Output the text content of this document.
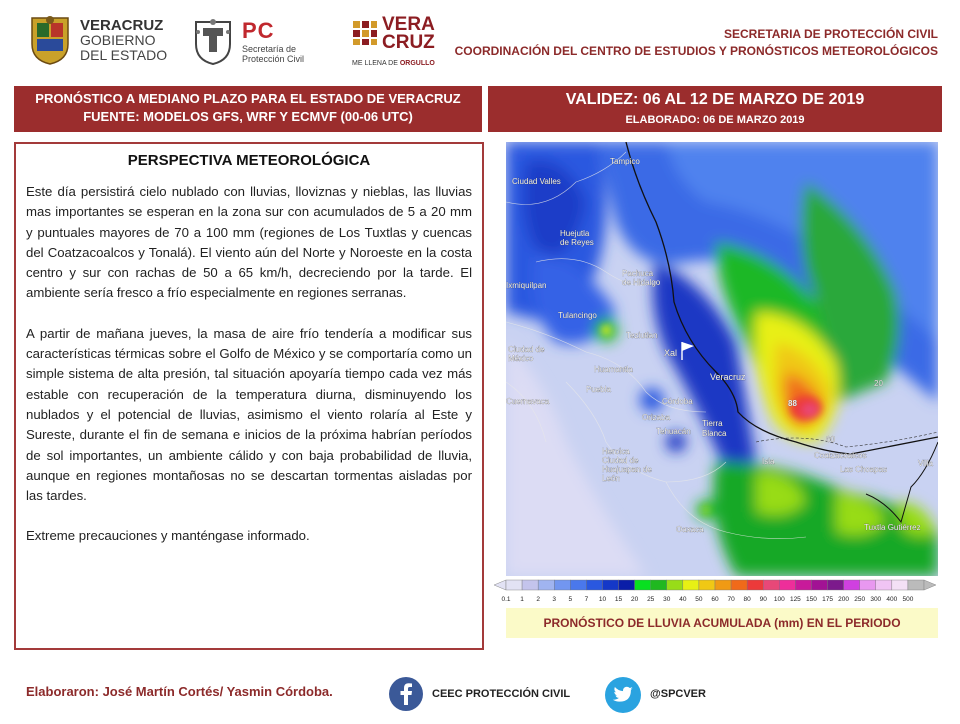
VERACRUZ
GOBIERNO
DEL ESTADO
PC
Secretaría de
Protección Civil
VERA
CRUZ
ME LLENA DE ORGULLO
SECRETARIA DE PROTECCIÓN CIVIL
COORDINACIÓN DEL CENTRO DE ESTUDIOS Y PRONÓSTICOS METEOROLÓGICOS
PRONÓSTICO A MEDIANO PLAZO PARA EL ESTADO DE VERACRUZ
FUENTE: MODELOS GFS, WRF Y ECMVF (00-06 UTC)
VALIDEZ: 06 AL 12 DE MARZO DE 2019
ELABORADO: 06 DE MARZO 2019
PERSPECTIVA METEOROLÓGICA

Este día persistirá cielo nublado con lluvias, lloviznas y nieblas, las lluvias mas importantes se esperan en la zona sur con acumulados de 5 a 20 mm y puntuales mayores de 70 a 100 mm (regiones de Los Tuxtlas y cuencas del Coatzacoalcos y Tonalá). El viento aún del Norte y Noroeste en la costa centro y sur con rachas de 50 a 65 km/h, decreciendo por la tarde. El ambiente sería fresco a frío especialmente en regiones serranas.

A partir de mañana jueves, la masa de aire frío tendería a modificar sus características térmicas sobre el Golfo de México y se comportaría como un simple sistema de alta presión, tal situación apoyaría tiempo cada vez más estable con recuperación de la temperatura diurna, disminuyendo los nublados y el potencial de lluvias, asimismo el viento rolaría al Este y Sureste, durante el fin de semana e inicios de la próxima habrían períodos de sol importantes, un ambiente cálido y con baja probabilidad de lluvia, aunque en regiones montañosas no se descartan tormentas aisladas por las tardes.

Extreme precauciones y manténgase informado.

60
20
Tampico
Ciudad Valles
Huejutla
de Reyes
Pachuca
de Hidalgo
Ixmiquilpan
Tulancingo
Teziutlan
Xal
Ciudad de
México
Huamantla
Puebla
Cuernavaca
Veracruz
Córdoba
Orizaba
Tehuacán
Tierra
Blanca
Heroica
Ciudad de
Huajuapan de
León
Oaxaca
Isla
Coatzacoalcos
Las Choapas
Villa
Tuxtla Gutiérrez
88
0.1 1 2 3 5 7 10 15 20 25 30 40 50 60 70 80 90 100 125 150 175 200 250 300 400 500
PRONÓSTICO DE LLUVIA ACUMULADA (mm) EN EL PERIODO
Elaboraron: José Martín Cortés/ Yasmin Córdoba.	CEEC PROTECCIÓN CIVIL	@SPCVER
